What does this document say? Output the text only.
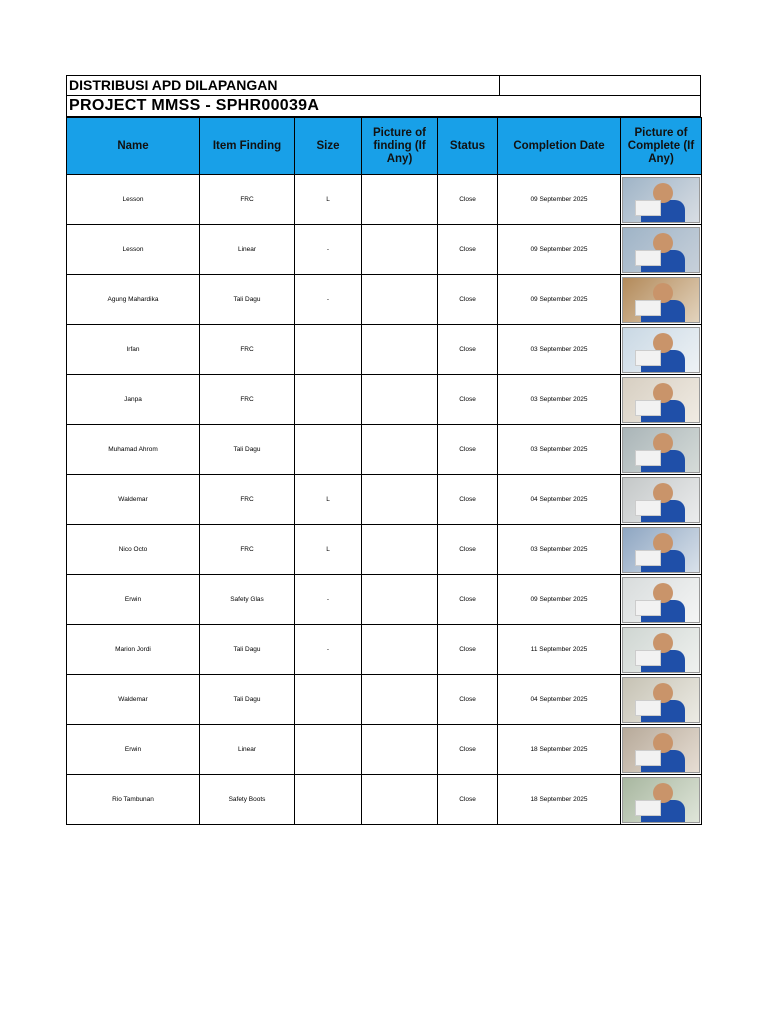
DISTRIBUSI APD DILAPANGAN
PROJECT MMSS - SPHR00039A
Name	Item Finding	Size	Picture of finding (If Any)	Status	Completion Date	Picture of Complete (If Any)
Lesson	FRC	L		Close	09 September 2025	

Lesson	Linear	-		Close	09 September 2025	

Agung Mahardika	Tali Dagu	-		Close	09 September 2025	

Irfan	FRC			Close	03 September 2025	

Janpa	FRC			Close	03 September 2025	

Muhamad Ahrom	Tali Dagu			Close	03 September 2025	

Waldemar	FRC	L		Close	04 September 2025	

Nico Octo	FRC	L		Close	03 September 2025	

Erwin	Safety Glas	-		Close	09 September 2025	

Marion Jordi	Tali Dagu	-		Close	11 September 2025	

Waldemar	Tali Dagu			Close	04 September 2025	

Erwin	Linear			Close	18 September 2025	

Rio Tambunan	Safety Boots			Close	18 September 2025	
